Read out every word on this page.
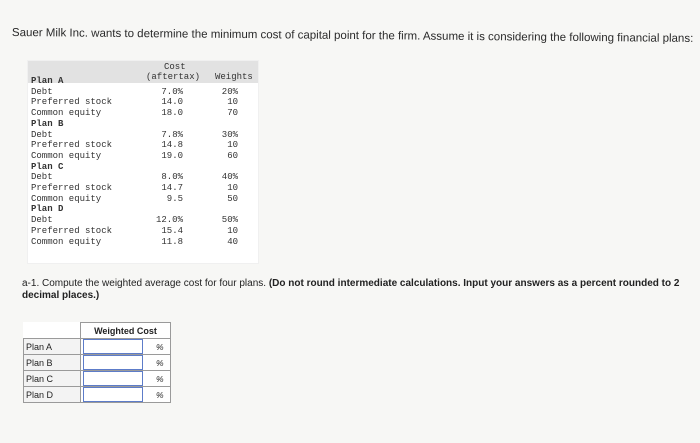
Sauer Milk Inc. wants to determine the minimum cost of capital point for the firm. Assume it is considering the following financial plans:
Cost
(aftertax) Weights
Plan A
Debt	7.0%	20%
Preferred stock	14.0	10
Common equity	18.0	70
Plan B
Debt	7.8%	30%
Preferred stock	14.8	10
Common equity	19.0	60
Plan C
Debt	8.0%	40%
Preferred stock	14.7	10
Common equity	9.5	50
Plan D
Debt	12.0%	50%
Preferred stock	15.4	10
Common equity	11.8	40
a-1. Compute the weighted average cost for four plans. (Do not round intermediate calculations. Input your answers as a percent rounded to 2 decimal places.)
	Weighted Cost	
Plan A		%
Plan B		%
Plan C		%
Plan D		%
